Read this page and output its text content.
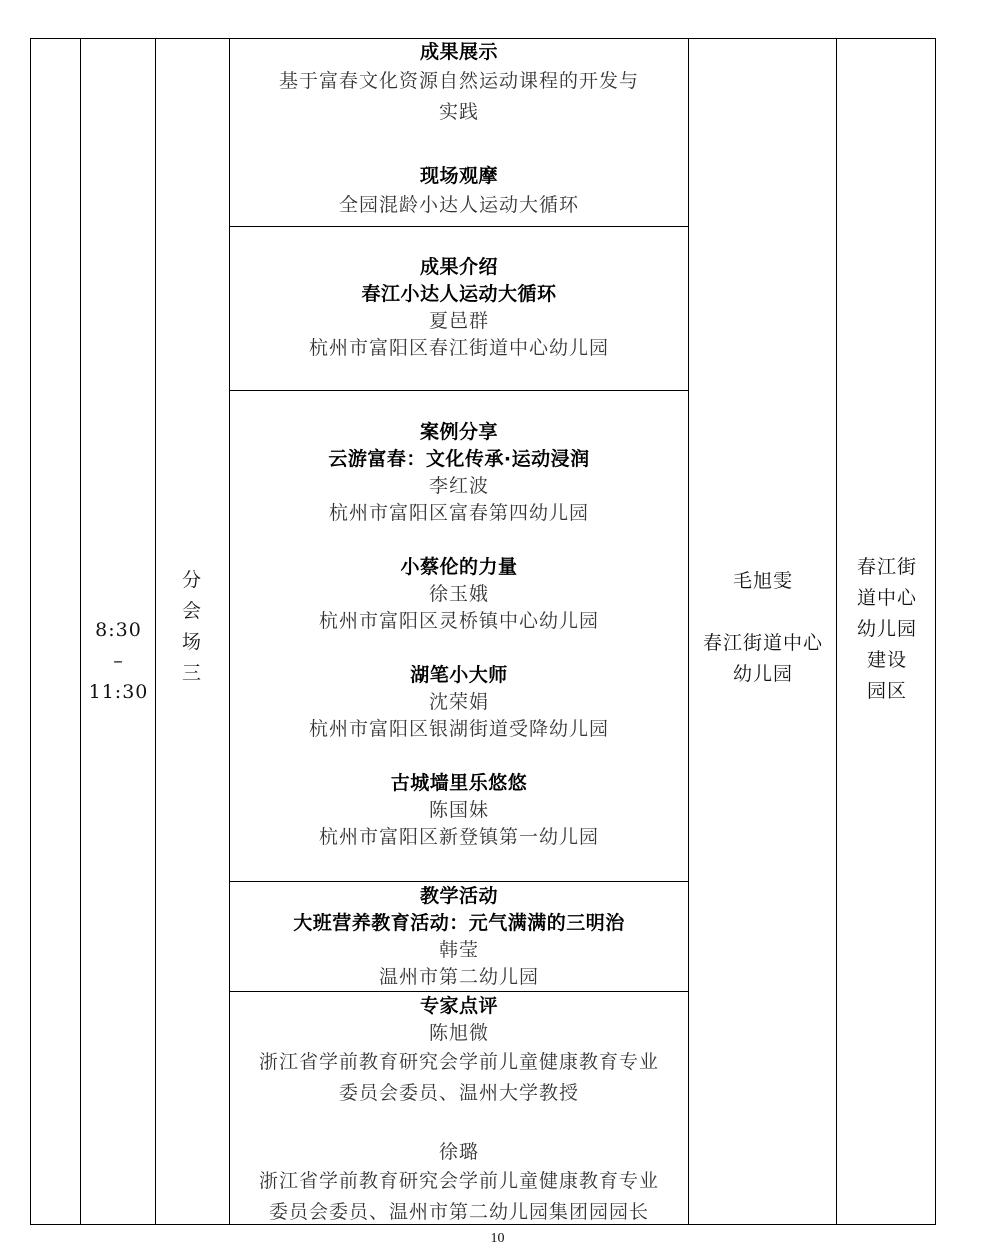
8:30
–
11:30
分
会
场
三
毛旭雯
春江街道中心
幼儿园
春江街
道中心
幼儿园
建设
园区
成果展示
基于富春文化资源自然运动课程的开发与
实践
现场观摩
全园混龄小达人运动大循环
成果介绍
春江小达人运动大循环
夏邑群
杭州市富阳区春江街道中心幼儿园
案例分享
云游富春：文化传承·运动浸润
李红波
杭州市富阳区富春第四幼儿园
小蔡伦的力量
徐玉娥
杭州市富阳区灵桥镇中心幼儿园
湖笔小大师
沈荣娟
杭州市富阳区银湖街道受降幼儿园
古城墙里乐悠悠
陈国妹
杭州市富阳区新登镇第一幼儿园
教学活动
大班营养教育活动：元气满满的三明治
韩莹
温州市第二幼儿园
专家点评
陈旭微
浙江省学前教育研究会学前儿童健康教育专业
委员会委员、温州大学教授
徐璐
浙江省学前教育研究会学前儿童健康教育专业
委员会委员、温州市第二幼儿园集团园园长
10
